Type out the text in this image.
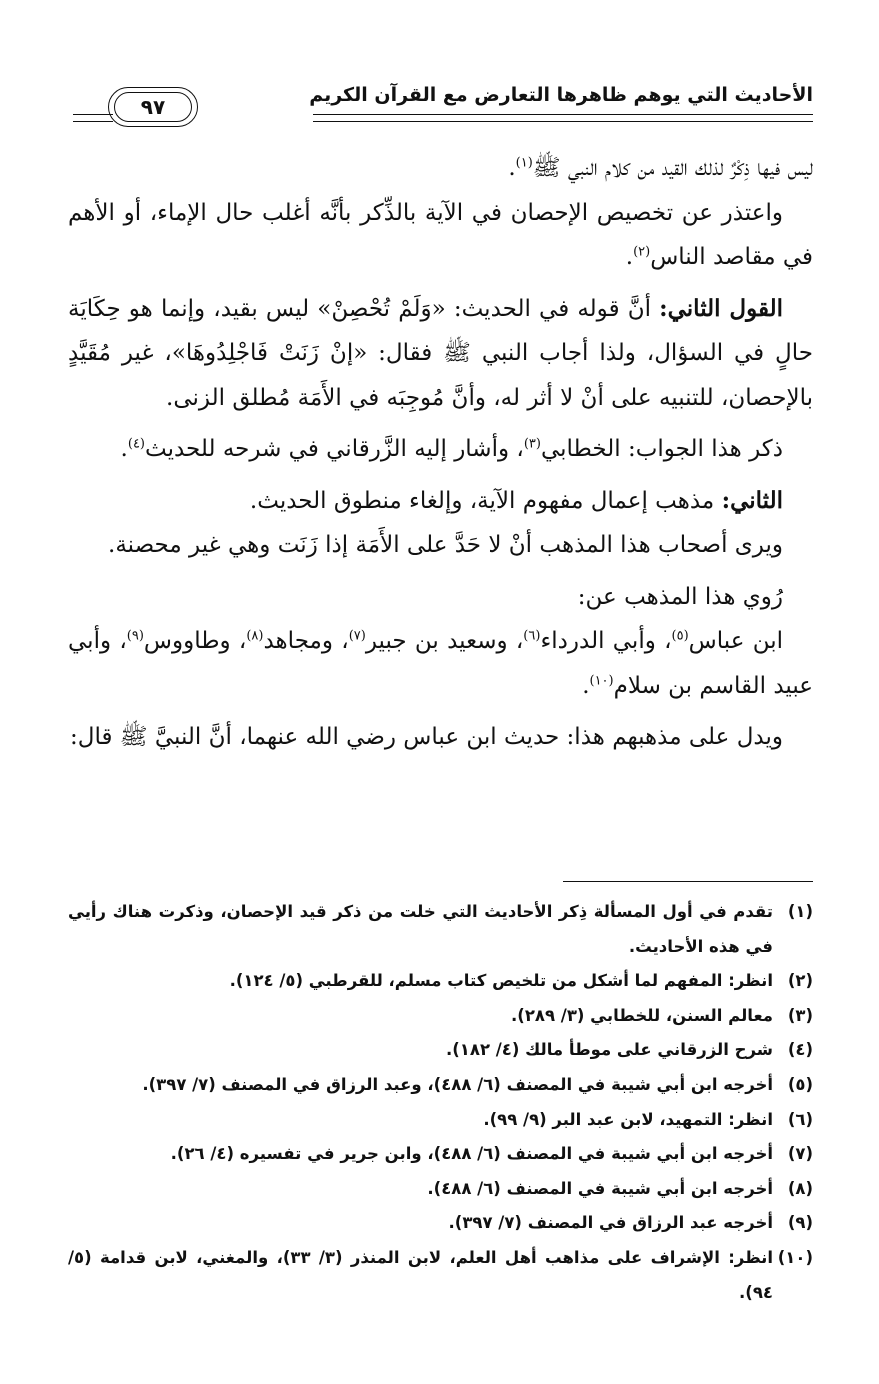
الأحاديث التي يوهم ظاهرها التعارض مع القرآن الكريم
٩٧

ليس فيها ذِكْرٌ لذلك القيد من كلام النبي ﷺ$^{(١)}$.

واعتذر عن تخصيص الإحصان في الآية بالذِّكر بأنَّه أغلب حال الإماء، أو الأهم في مقاصد الناس$^{(٢)}$.

القول الثاني: أنَّ قوله في الحديث: «وَلَمْ تُحْصِنْ» ليس بقيد، وإنما هو حِكَايَة حالٍ في السؤال، ولذا أجاب النبي ﷺ فقال: «إنْ زَنَتْ فَاجْلِدُوهَا»، غير مُقَيَّدٍ بالإحصان، للتنبيه على أنْ لا أثر له، وأنَّ مُوجِبَه في الأَمَة مُطلق الزنى.

ذكر هذا الجواب: الخطابي$^{(٣)}$، وأشار إليه الزَّرقاني في شرحه للحديث$^{(٤)}$.

الثاني: مذهب إعمال مفهوم الآية، وإلغاء منطوق الحديث.

ويرى أصحاب هذا المذهب أنْ لا حَدَّ على الأَمَة إذا زَنَت وهي غير محصنة.

رُوي هذا المذهب عن:

ابن عباس$^{(٥)}$، وأبي الدرداء$^{(٦)}$، وسعيد بن جبير$^{(٧)}$، ومجاهد$^{(٨)}$، وطاووس$^{(٩)}$، وأبي عبيد القاسم بن سلام$^{(١٠)}$.

ويدل على مذهبهم هذا: حديث ابن عباس رضي الله عنهما، أنَّ النبيَّ ﷺ قال:

(١)
تقدم في أول المسألة ذِكر الأحاديث التي خلت من ذكر قيد الإحصان، وذكرت هناك رأيي في هذه الأحاديث.
(٢)
انظر: المفهم لما أشكل من تلخيص كتاب مسلم، للقرطبي (٥/ ١٢٤).
(٣)
معالم السنن، للخطابي (٣/ ٢٨٩).
(٤)
شرح الزرقاني على موطأ مالك (٤/ ١٨٢).
(٥)
أخرجه ابن أبي شيبة في المصنف (٦/ ٤٨٨)، وعبد الرزاق في المصنف (٧/ ٣٩٧).
(٦)
انظر: التمهيد، لابن عبد البر (٩/ ٩٩).
(٧)
أخرجه ابن أبي شيبة في المصنف (٦/ ٤٨٨)، وابن جرير في تفسيره (٤/ ٢٦).
(٨)
أخرجه ابن أبي شيبة في المصنف (٦/ ٤٨٨).
(٩)
أخرجه عبد الرزاق في المصنف (٧/ ٣٩٧).
(١٠)
انظر: الإشراف على مذاهب أهل العلم، لابن المنذر (٣/ ٣٣)، والمغني، لابن قدامة (٥/ ٩٤).
